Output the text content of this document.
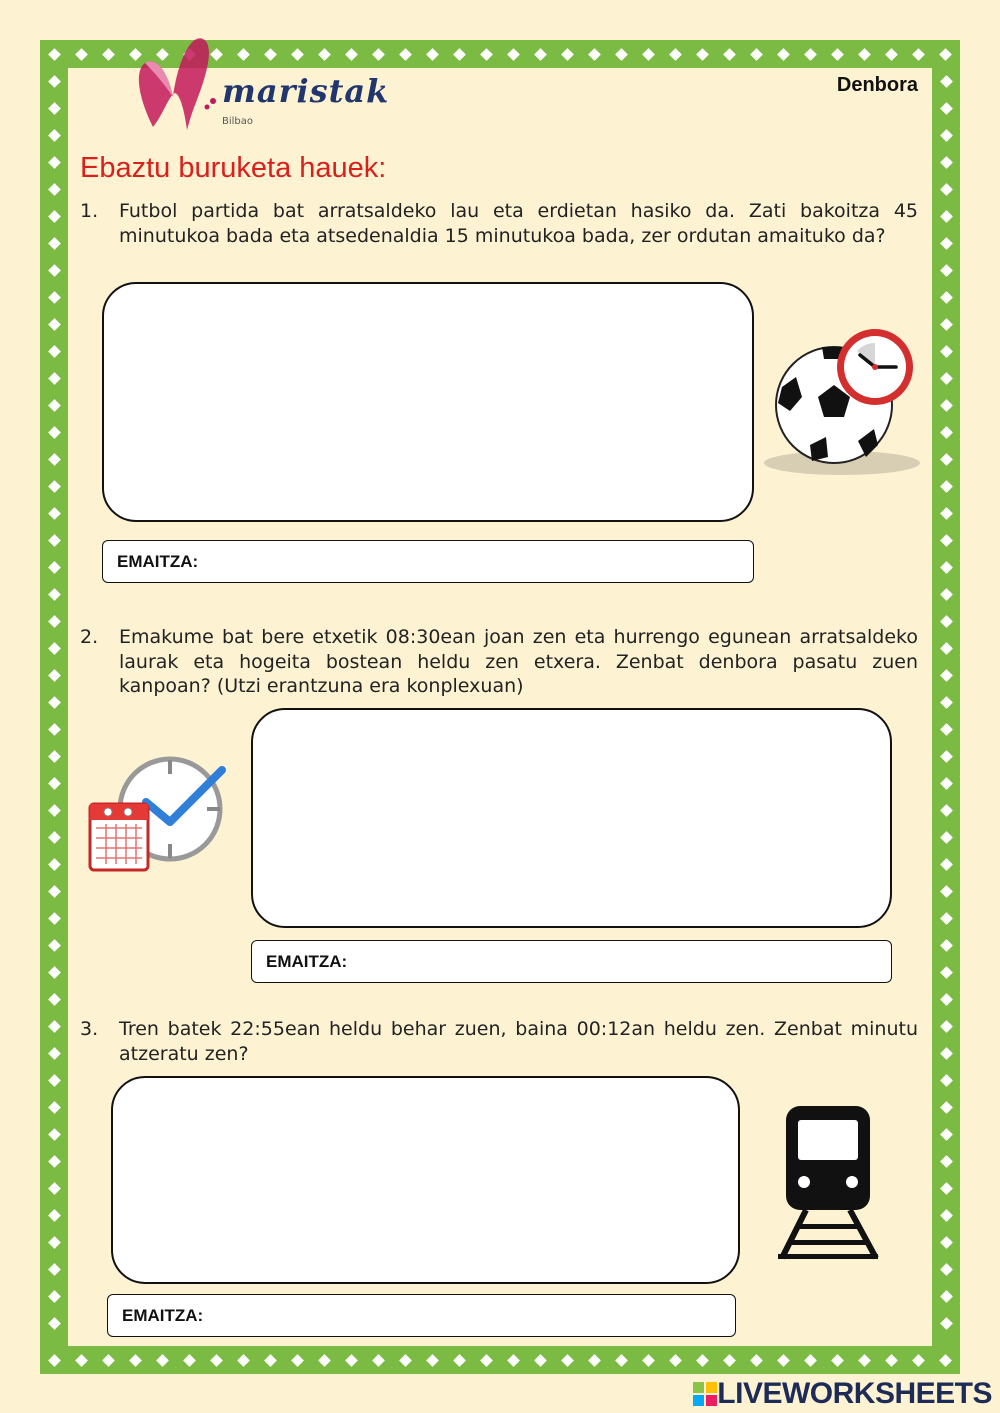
maristak
Bilbao
Denbora
Ebaztu buruketa hauek:
1. Futbol partida bat arratsaldeko lau eta erdietan hasiko da. Zati bakoitza 45 minutukoa bada eta atsedenaldia 15 minutukoa bada, zer ordutan amaituko da?
EMAITZA:
2. Emakume bat bere etxetik 08:30ean joan zen eta hurrengo egunean arratsaldeko laurak eta hogeita bostean heldu zen etxera. Zenbat denbora pasatu zuen kanpoan? (Utzi erantzuna era konplexuan)
EMAITZA:
3. Tren batek 22:55ean heldu behar zuen, baina 00:12an heldu zen. Zenbat minutu atzeratu zen?
EMAITZA:
LIVEWORKSHEETS
